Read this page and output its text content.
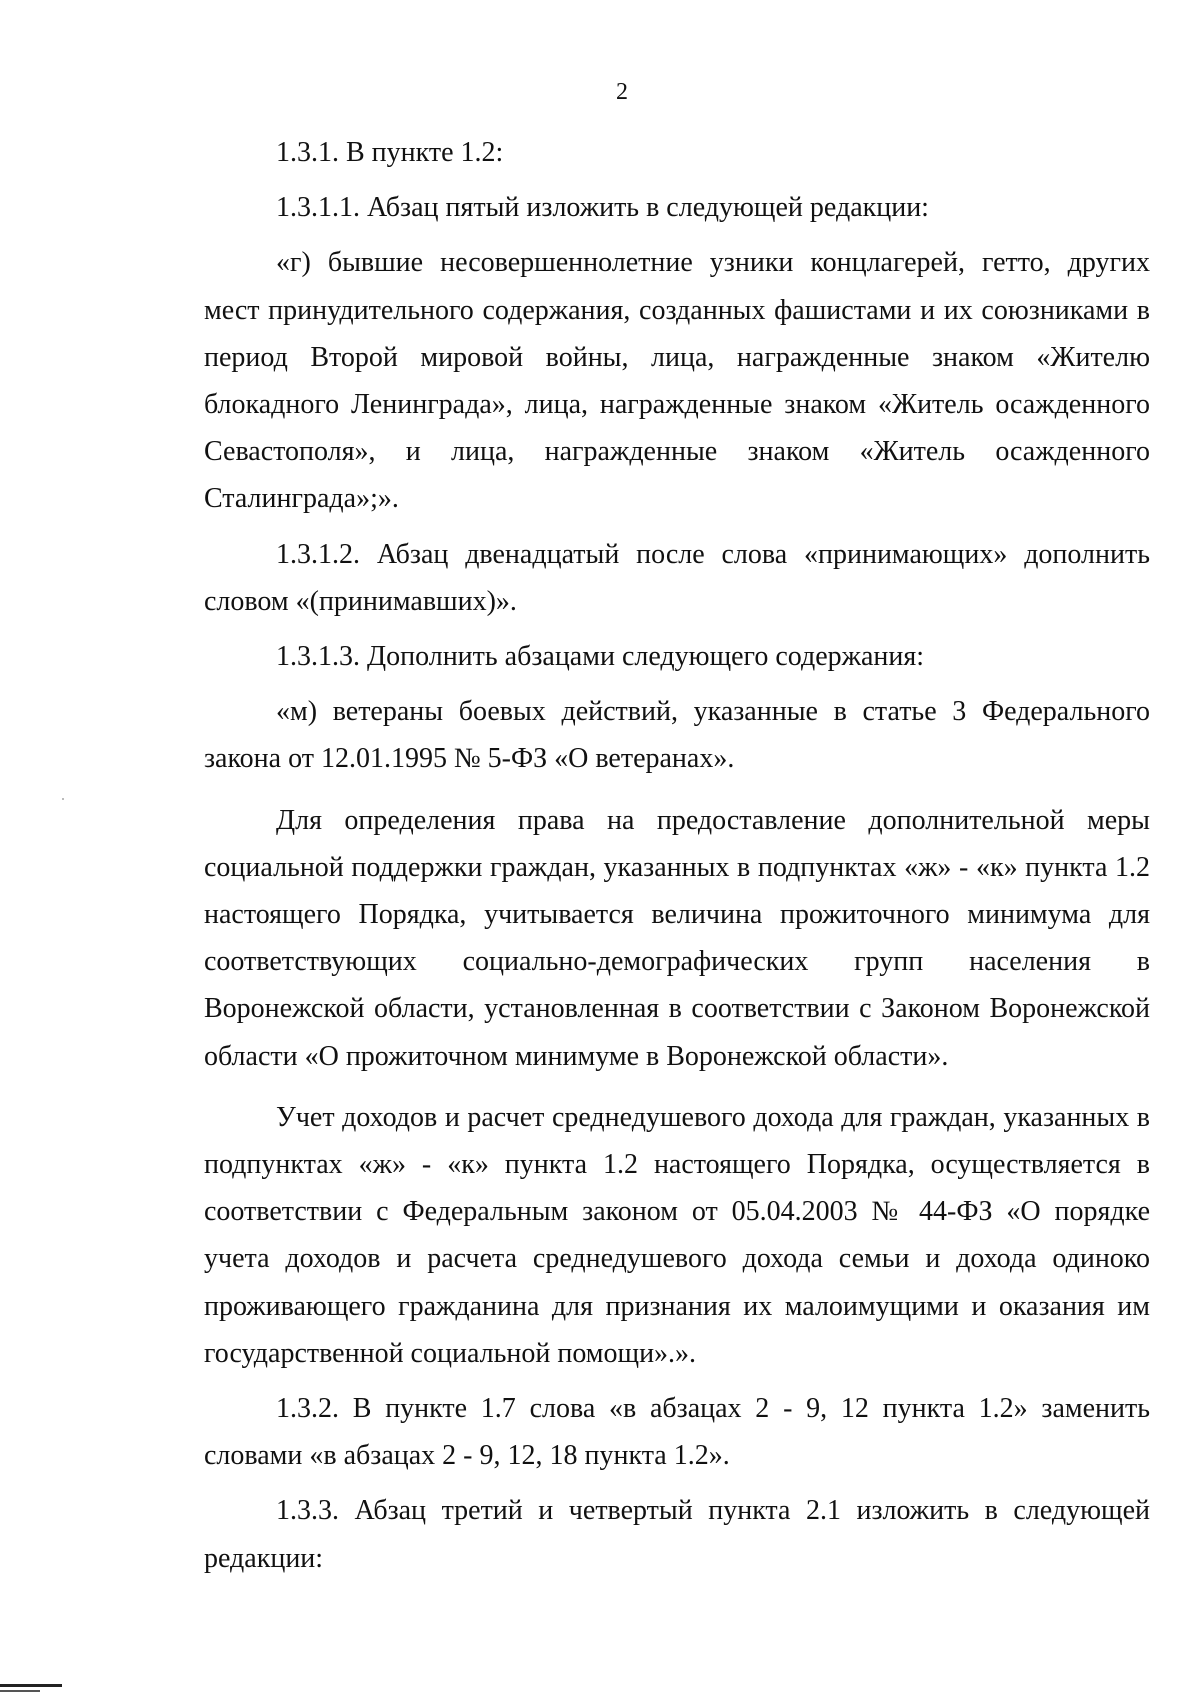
2

1.3.1. В пункте 1.2:

1.3.1.1. Абзац пятый изложить в следующей редакции:

«г) бывшие несовершеннолетние узники концлагерей, гетто, других мест принудительного содержания, созданных фашистами и их союзниками в период Второй мировой войны, лица, награжденные знаком «Жителю блокадного Ленинграда», лица, награжденные знаком «Житель осажденного Севастополя», и лица, награжденные знаком «Житель осажденного Сталинграда»;».

1.3.1.2. Абзац двенадцатый после слова «принимающих» дополнить словом «(принимавших)».

1.3.1.3. Дополнить абзацами следующего содержания:

«м) ветераны боевых действий, указанные в статье 3 Федерального закона от 12.01.1995 № 5-ФЗ «О ветеранах».

Для определения права на предоставление дополнительной меры социальной поддержки граждан, указанных в подпунктах «ж» - «к» пункта 1.2 настоящего Порядка, учитывается величина прожиточного минимума для соответствующих социально-демографических групп населения в Воронежской области, установленная в соответствии с Законом Воронежской области «О прожиточном минимуме в Воронежской области».

Учет доходов и расчет среднедушевого дохода для граждан, указанных в подпунктах «ж» - «к» пункта 1.2 настоящего Порядка, осуществляется в соответствии с Федеральным законом от 05.04.2003 № 44-ФЗ «О порядке учета доходов и расчета среднедушевого дохода семьи и дохода одиноко проживающего гражданина для признания их малоимущими и оказания им государственной социальной помощи».».

1.3.2. В пункте 1.7 слова «в абзацах 2 - 9, 12 пункта 1.2» заменить словами «в абзацах 2 - 9, 12, 18 пункта 1.2».

1.3.3. Абзац третий и четвертый пункта 2.1 изложить в следующей редакции:
